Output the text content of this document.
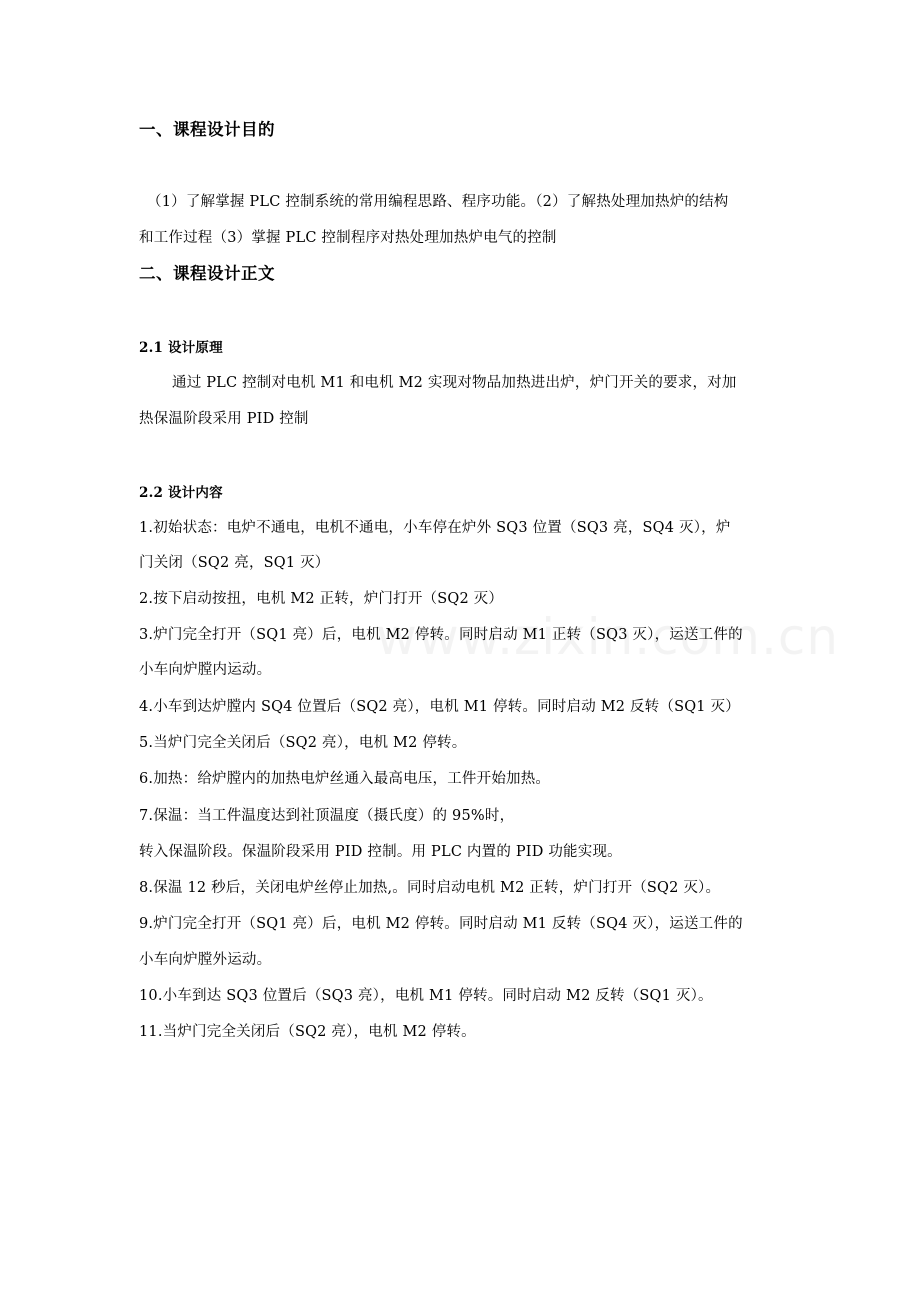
一、课程设计目的
（1）了解掌握 PLC 控制系统的常用编程思路、程序功能。（2）了解热处理加热炉的结构
和工作过程（3）掌握 PLC 控制程序对热处理加热炉电气的控制
二、课程设计正文
2.1 设计原理
通过 PLC 控制对电机 M1 和电机 M2 实现对物品加热进出炉，炉门开关的要求，对加
热保温阶段采用 PID 控制
2.2 设计内容
1.初始状态：电炉不通电，电机不通电，小车停在炉外 SQ3 位置（SQ3 亮，SQ4 灭），炉
门关闭（SQ2 亮，SQ1 灭）
2.按下启动按扭，电机 M2 正转，炉门打开（SQ2 灭）
3.炉门完全打开（SQ1 亮）后，电机 M2 停转。同时启动 M1 正转（SQ3 灭），运送工件的
小车向炉膛内运动。
4.小车到达炉膛内 SQ4 位置后（SQ2 亮），电机 M1 停转。同时启动 M2 反转（SQ1 灭）
5.当炉门完全关闭后（SQ2 亮），电机 M2 停转。
6.加热：给炉膛内的加热电炉丝通入最高电压，工件开始加热。
7.保温：当工件温度达到社顶温度（摄氏度）的 95%时，
转入保温阶段。保温阶段采用 PID 控制。用 PLC 内置的 PID 功能实现。
8.保温 12 秒后，关闭电炉丝停止加热,。同时启动电机 M2 正转，炉门打开（SQ2 灭）。
9.炉门完全打开（SQ1 亮）后，电机 M2 停转。同时启动 M1 反转（SQ4 灭），运送工件的
小车向炉膛外运动。
10.小车到达 SQ3 位置后（SQ3 亮），电机 M1 停转。同时启动 M2 反转（SQ1 灭）。
11.当炉门完全关闭后（SQ2 亮），电机 M2 停转。
